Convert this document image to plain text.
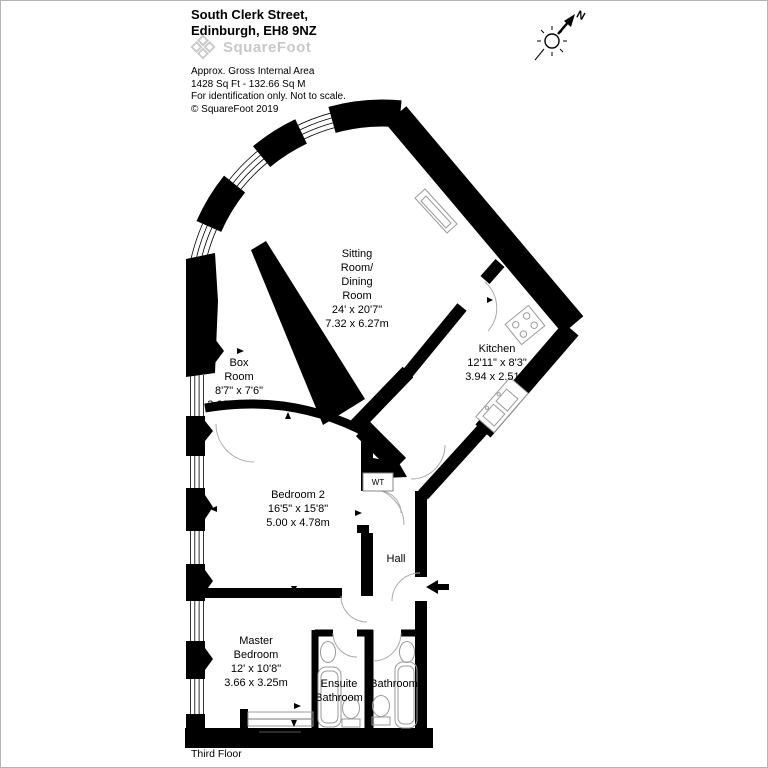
South Clerk Street,
Edinburgh, EH8 9NZ
SquareFoot
Approx. Gross Internal Area
1428 Sq Ft - 132.66 Sq M
For identification only. Not to scale.
© SquareFoot 2019
N
WT
Sitting
Room/
Dining
Room
24' x 20'7"
7.32 x 6.27m
Kitchen
12'11" x 8'3"
3.94 x 2.51m
Box
Room
8'7" x 7'6"
2.62 x 2.29m
Bedroom 2
16'5" x 15'8"
5.00 x 4.78m
Hall
Master
Bedroom
12' x 10'8"
3.66 x 3.25m	Ensuite
Bathroom
Bathroom
Third Floor
